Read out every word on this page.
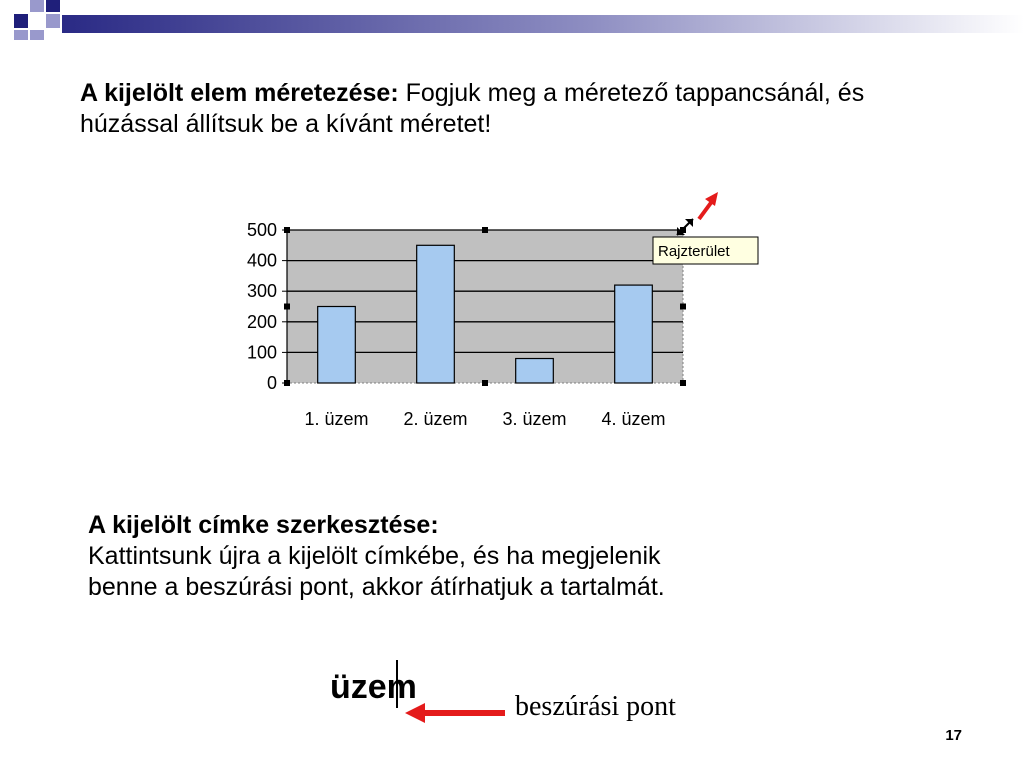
A kijelölt elem méretezése: Fogjuk meg a méretező tappancsánál, és húzással állítsuk be a kívánt méretet!
0
100
200
300
400
500
1. üzem 2. üzem 3. üzem 4. üzem
Rajzterület
A kijelölt címke szerkesztése:
Kattintsunk újra a kijelölt címkébe, és ha megjelenik
benne a beszúrási pont, akkor átírhatjuk a tartalmát.
üzem
beszúrási pont
17
